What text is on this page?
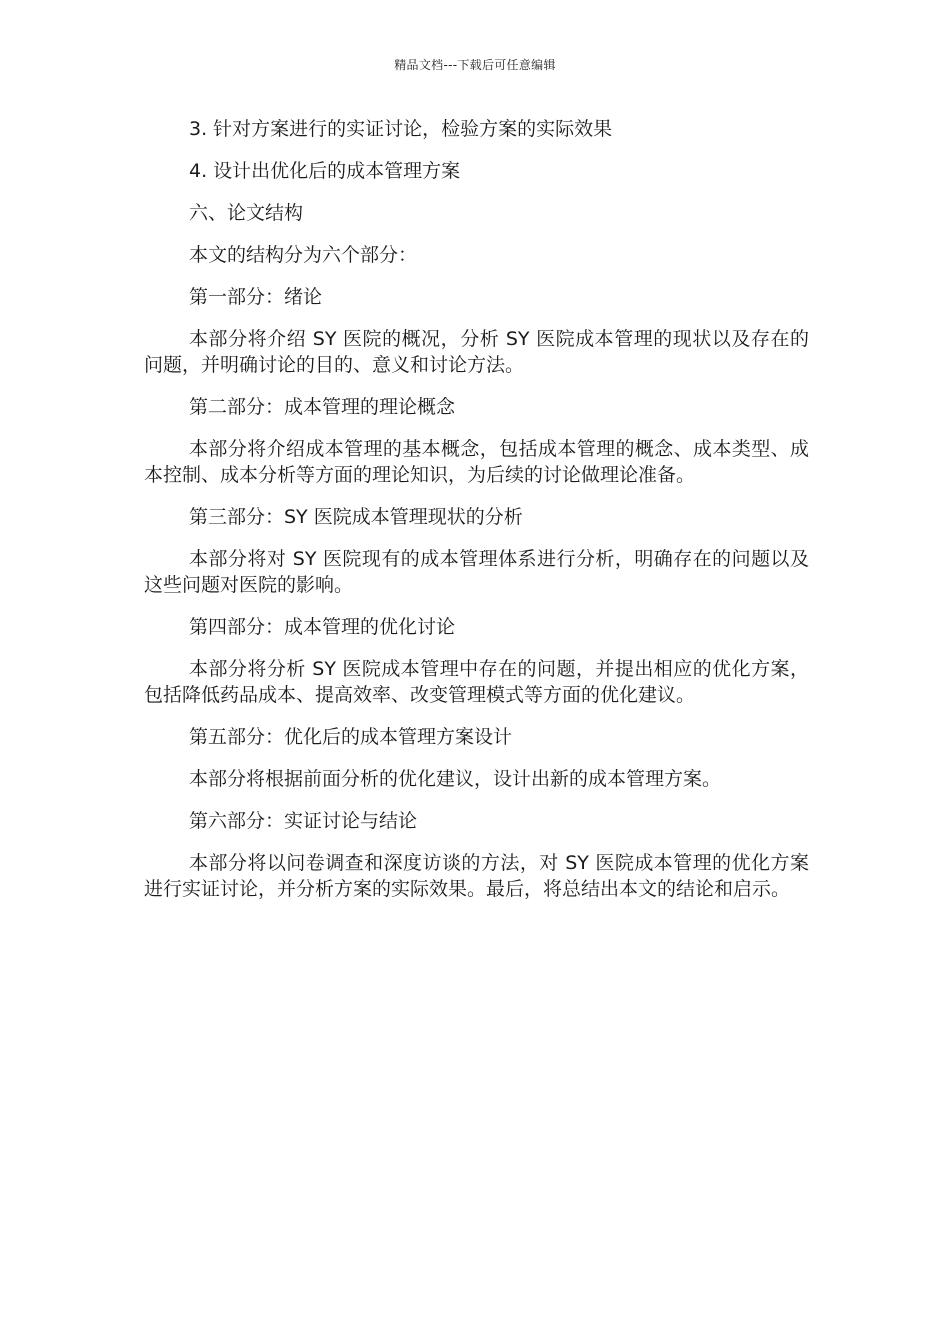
精品文档---下载后可任意编辑

3. 针对方案进行的实证讨论，检验方案的实际效果

4. 设计出优化后的成本管理方案

六、论文结构

本文的结构分为六个部分：

第一部分：绪论

本部分将介绍 SY 医院的概况，分析 SY 医院成本管理的现状以及存在的问题，并明确讨论的目的、意义和讨论方法。

第二部分：成本管理的理论概念

本部分将介绍成本管理的基本概念，包括成本管理的概念、成本类型、成本控制、成本分析等方面的理论知识，为后续的讨论做理论准备。

第三部分：SY 医院成本管理现状的分析

本部分将对 SY 医院现有的成本管理体系进行分析，明确存在的问题以及这些问题对医院的影响。

第四部分：成本管理的优化讨论

本部分将分析 SY 医院成本管理中存在的问题，并提出相应的优化方案，包括降低药品成本、提高效率、改变管理模式等方面的优化建议。

第五部分：优化后的成本管理方案设计

本部分将根据前面分析的优化建议，设计出新的成本管理方案。

第六部分：实证讨论与结论

本部分将以问卷调查和深度访谈的方法，对 SY 医院成本管理的优化方案进行实证讨论，并分析方案的实际效果。最后，将总结出本文的结论和启示。
